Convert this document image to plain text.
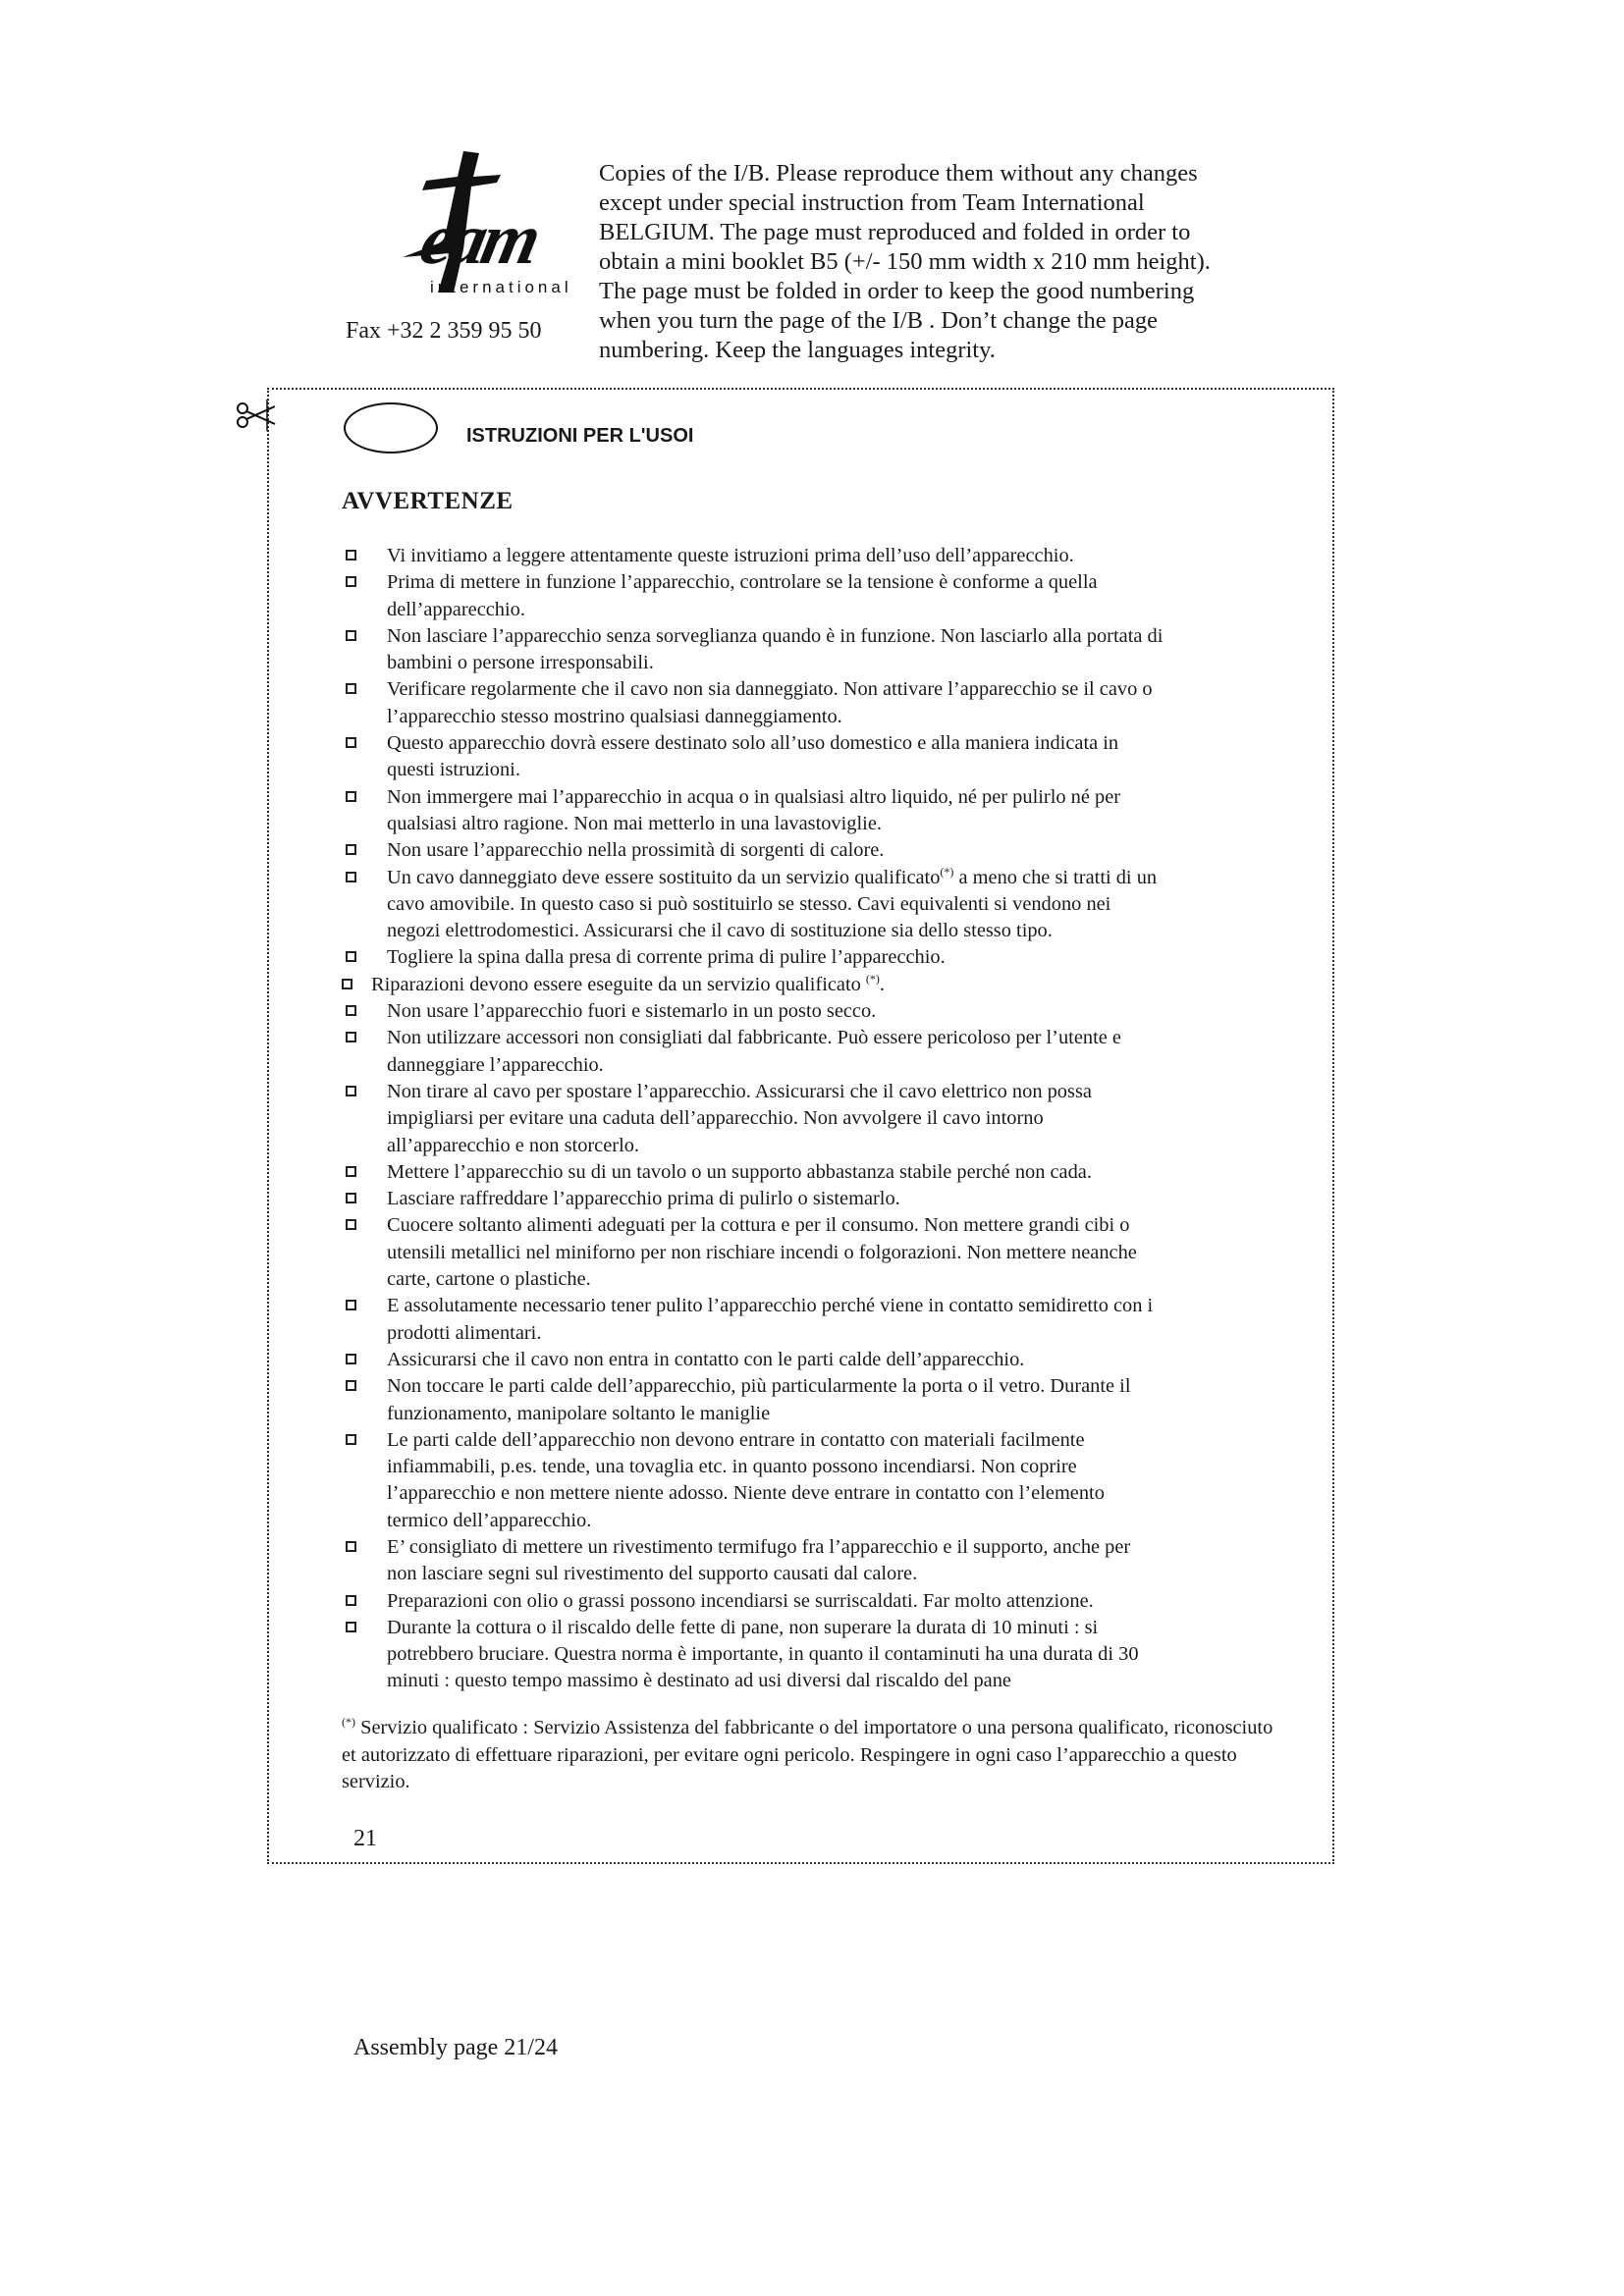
eam
international
Fax +32 2 359 95 50
Copies of the I/B. Please reproduce them without any changes
except under special instruction from Team International
BELGIUM. The page must reproduced and folded in order to
obtain a mini booklet B5 (+/- 150 mm width x 210 mm height).
The page must be folded in order to keep the good numbering
when you turn the page of the I/B . Don’t change the page
numbering. Keep the languages integrity.
ISTRUZIONI PER L'USOI
AVVERTENZE
Vi invitiamo a leggere attentamente queste istruzioni prima dell’uso dell’apparecchio.
Prima di mettere in funzione l’apparecchio, controlare se la tensione è conforme a quella
dell’apparecchio.
Non lasciare l’apparecchio senza sorveglianza quando è in funzione. Non lasciarlo alla portata di
bambini o persone irresponsabili.
Verificare regolarmente che il cavo non sia danneggiato. Non attivare l’apparecchio se il cavo o
l’apparecchio stesso mostrino qualsiasi danneggiamento.
Questo apparecchio dovrà essere destinato solo all’uso domestico e alla maniera indicata in
questi istruzioni.
Non immergere mai l’apparecchio in acqua o in qualsiasi altro liquido, né per pulirlo né per
qualsiasi altro ragione. Non mai metterlo in una lavastoviglie.
Non usare l’apparecchio nella prossimità di sorgenti di calore.
Un cavo danneggiato deve essere sostituito da un servizio qualificato(*) a meno che si tratti di un
cavo amovibile. In questo caso si può sostituirlo se stesso. Cavi equivalenti si vendono nei
negozi elettrodomestici. Assicurarsi che il cavo di sostituzione sia dello stesso tipo.
Togliere la spina dalla presa di corrente prima di pulire l’apparecchio.
Riparazioni devono essere eseguite da un servizio qualificato (*).
Non usare l’apparecchio fuori e sistemarlo in un posto secco.
Non utilizzare accessori non consigliati dal fabbricante. Può essere pericoloso per l’utente e
danneggiare l’apparecchio.
Non tirare al cavo per spostare l’apparecchio. Assicurarsi che il cavo elettrico non possa
impigliarsi per evitare una caduta dell’apparecchio. Non avvolgere il cavo intorno
all’apparecchio e non storcerlo.
Mettere l’apparecchio su di un tavolo o un supporto abbastanza stabile perché non cada.
Lasciare raffreddare l’apparecchio prima di pulirlo o sistemarlo.
Cuocere soltanto alimenti adeguati per la cottura e per il consumo. Non mettere grandi cibi o
utensili metallici nel miniforno per non rischiare incendi o folgorazioni. Non mettere neanche
carte, cartone o plastiche.
E assolutamente necessario tener pulito l’apparecchio perché viene in contatto semidiretto con i
prodotti alimentari.
Assicurarsi che il cavo non entra in contatto con le parti calde dell’apparecchio.
Non toccare le parti calde dell’apparecchio, più particularmente la porta o il vetro. Durante il
funzionamento, manipolare soltanto le maniglie
Le parti calde dell’apparecchio non devono entrare in contatto con materiali facilmente
infiammabili, p.es. tende, una tovaglia etc. in quanto possono incendiarsi. Non coprire
l’apparecchio e non mettere niente adosso. Niente deve entrare in contatto con l’elemento
termico dell’apparecchio.
E’ consigliato di mettere un rivestimento termifugo fra l’apparecchio e il supporto, anche per
non lasciare segni sul rivestimento del supporto causati dal calore.
Preparazioni con olio o grassi possono incendiarsi se surriscaldati. Far molto attenzione.
Durante la cottura o il riscaldo delle fette di pane, non superare la durata di 10 minuti : si
potrebbero bruciare. Questra norma è importante, in quanto il contaminuti ha una durata di 30
minuti : questo tempo massimo è destinato ad usi diversi dal riscaldo del pane
(*) Servizio qualificato : Servizio Assistenza del fabbricante o del importatore o una persona qualificato, riconosciuto et autorizzato di effettuare riparazioni, per evitare ogni pericolo. Respingere in ogni caso l’apparecchio a questo servizio.
21
Assembly page 21/24
